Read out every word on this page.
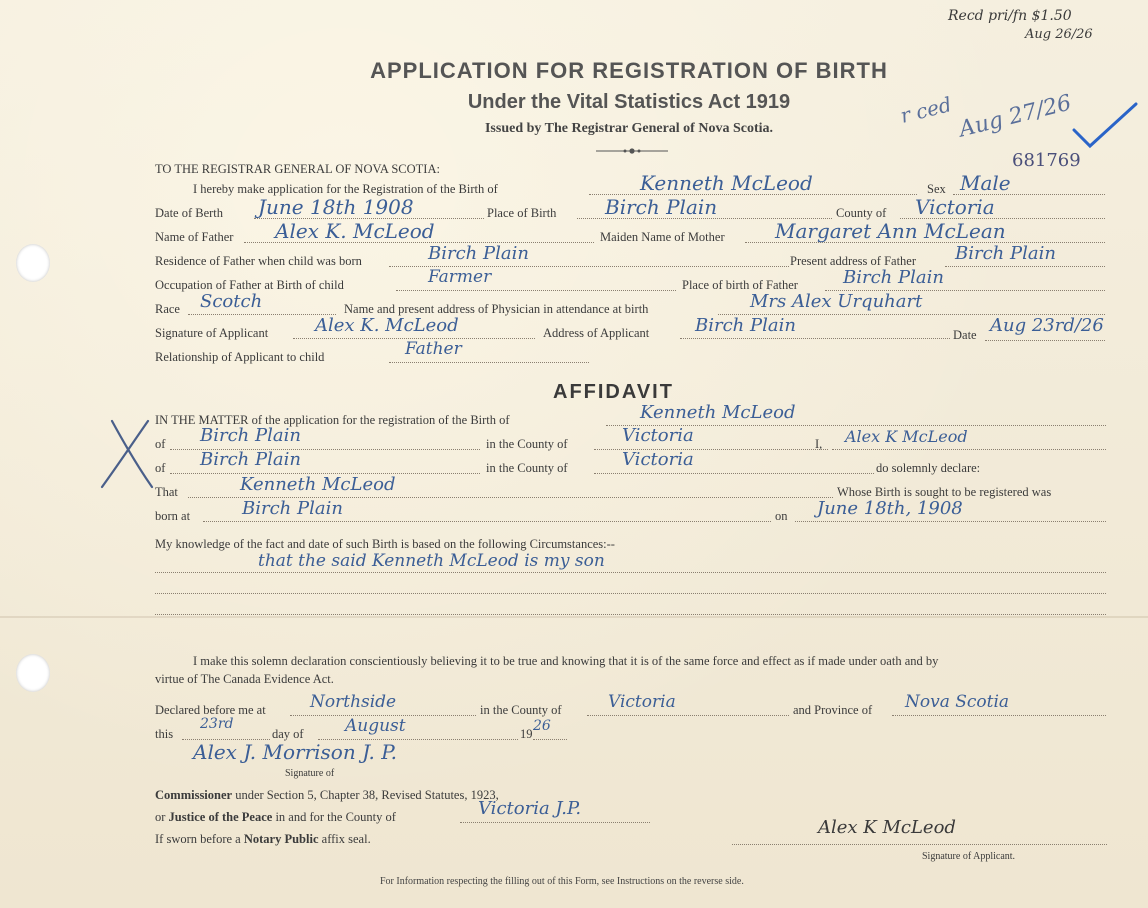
Recd pri/fn $1.50
Aug 26/26
r ced Aug 27/26
681769
APPLICATION FOR REGISTRATION OF BIRTH
Under the Vital Statistics Act 1919
Issued by The Registrar General of Nova Scotia.
TO THE REGISTRAR GENERAL OF NOVA SCOTIA:
I hereby make application for the Registration of the Birth of	Kenneth McLeod	Sex Male
Date of Berth June 18th 1908	Place of Birth Birch Plain	County of Victoria
Name of Father Alex K. McLeod	Maiden Name of Mother	Margaret Ann McLean
Residence of Father when child was born	Birch Plain	Present address of Father Birch Plain
Occupation of Father at Birth of child	Farmer	Place of birth of Father	Birch Plain
Race Scotch	Name and present address of Physician in attendance at birth	Mrs Alex Urquhart
Signature of Applicant	Alex K. McLeod	Address of Applicant	Birch Plain	Date Aug 23rd/26
Relationship of Applicant to child	Father
AFFIDAVIT
IN THE MATTER of the application for the registration of the Birth of	Kenneth McLeod
of Birch Plain	in the County of	Victoria	I, Alex K McLeod
of Birch Plain	in the County of	Victoria	do solemnly declare:
That	Kenneth McLeod	Whose Birth is sought to be registered was
born at	Birch Plain	on June 18th, 1908
My knowledge of the fact and date of such Birth is based on the following Circumstances:--
that the said Kenneth McLeod is my son
I make this solemn declaration conscientiously believing it to be true and knowing that it is of the same force and effect as if made under oath and by
virtue of The Canada Evidence Act.
Declared before me at	Northside	in the County of	Victoria	and Province of Nova Scotia
this
23rd
day of August	19 26
Alex J. Morrison J. P.
Signature of
Commissioner under Section 5, Chapter 38, Revised Statutes, 1923,
or Justice of the Peace in and for the County of	Victoria J.P.
If sworn before a Notary Public affix seal.
Alex K McLeod
Signature of Applicant.
For Information respecting the filling out of this Form, see Instructions on the reverse side.
